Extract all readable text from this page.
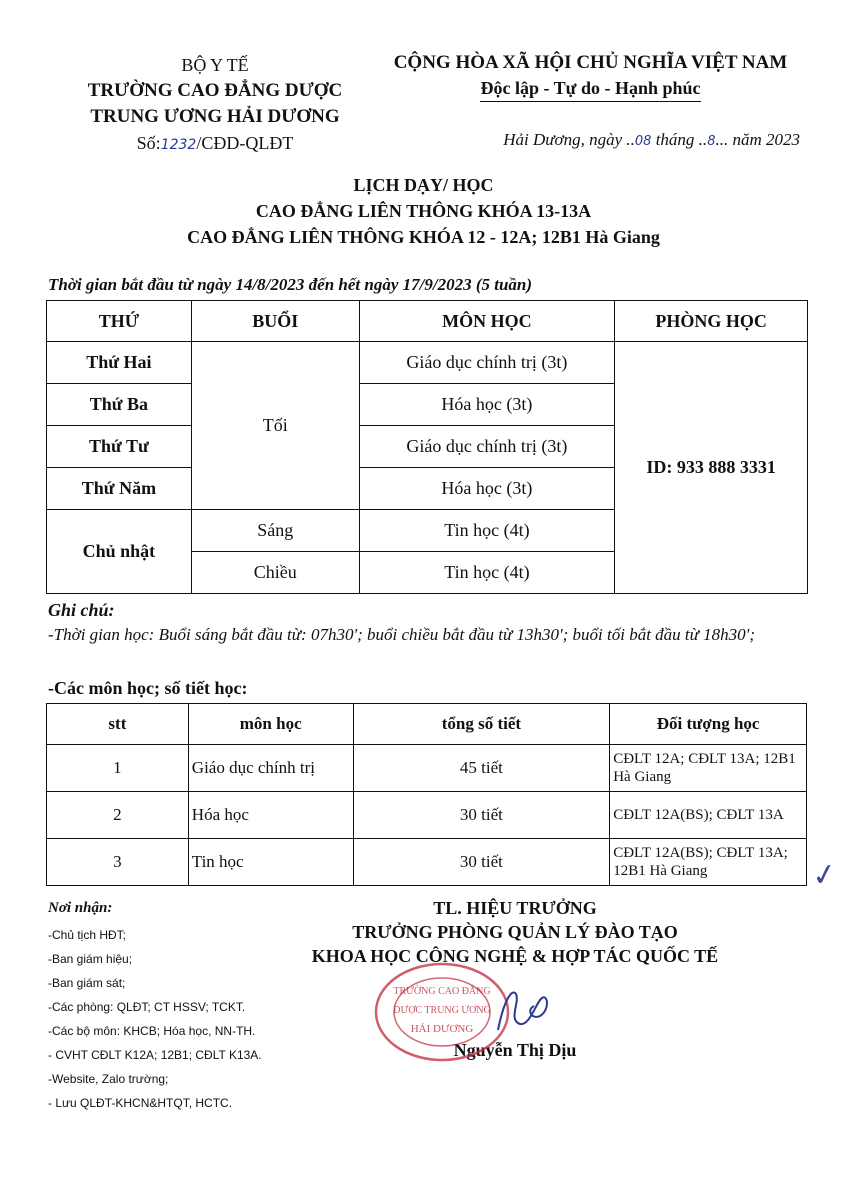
BỘ Y TẾ
TRƯỜNG CAO ĐẲNG DƯỢC
TRUNG ƯƠNG HẢI DƯƠNG
Số:1232/CĐD-QLĐT
CỘNG HÒA XÃ HỘI CHỦ NGHĨA VIỆT NAM
Độc lập - Tự do - Hạnh phúc
Hải Dương, ngày ..08 tháng ..8... năm 2023
LỊCH DẠY/ HỌC
CAO ĐẲNG LIÊN THÔNG KHÓA 13-13A
CAO ĐẲNG LIÊN THÔNG KHÓA 12 - 12A; 12B1 Hà Giang
Thời gian bắt đầu từ ngày 14/8/2023 đến hết ngày 17/9/2023 (5 tuần)
THỨ	BUỔI	MÔN HỌC	PHÒNG HỌC
Thứ Hai	Tối	Giáo dục chính trị (3t)	ID: 933 888 3331
Thứ Ba		Hóa học (3t)	
Thứ Tư		Giáo dục chính trị (3t)	
Thứ Năm		Hóa học (3t)	
Chủ nhật	Sáng	Tin học (4t)	
	Chiều	Tin học (4t)	
Ghi chú:
-Thời gian học: Buổi sáng bắt đầu từ: 07h30'; buổi chiều bắt đầu từ 13h30'; buổi tối bắt đầu từ 18h30';
-Các môn học; số tiết học:
stt	môn học	tổng số tiết	Đối tượng học
1	Giáo dục chính trị	45 tiết	CĐLT 12A; CĐLT 13A; 12B1 Hà Giang
2	Hóa học	30 tiết	CĐLT 12A(BS); CĐLT 13A
3	Tin học	30 tiết	CĐLT 12A(BS); CĐLT 13A; 12B1 Hà Giang	✓
Nơi nhận:
-Chủ tịch HĐT;
-Ban giám hiệu;
-Ban giám sát;
-Các phòng: QLĐT; CT HSSV; TCKT.
-Các bộ môn: KHCB; Hóa học, NN-TH.
- CVHT CĐLT K12A; 12B1; CĐLT K13A.
-Website, Zalo trường;
- Lưu QLĐT-KHCN&HTQT, HCTC.
TL. HIỆU TRƯỞNG
TRƯỞNG PHÒNG QUẢN LÝ ĐÀO TẠO
KHOA HỌC CÔNG NGHỆ & HỢP TÁC QUỐC TẾ
Nguyễn Thị Dịu
TRƯỜNG CAO ĐẲNG
DƯỢC TRUNG ƯƠNG
HẢI DƯƠNG
